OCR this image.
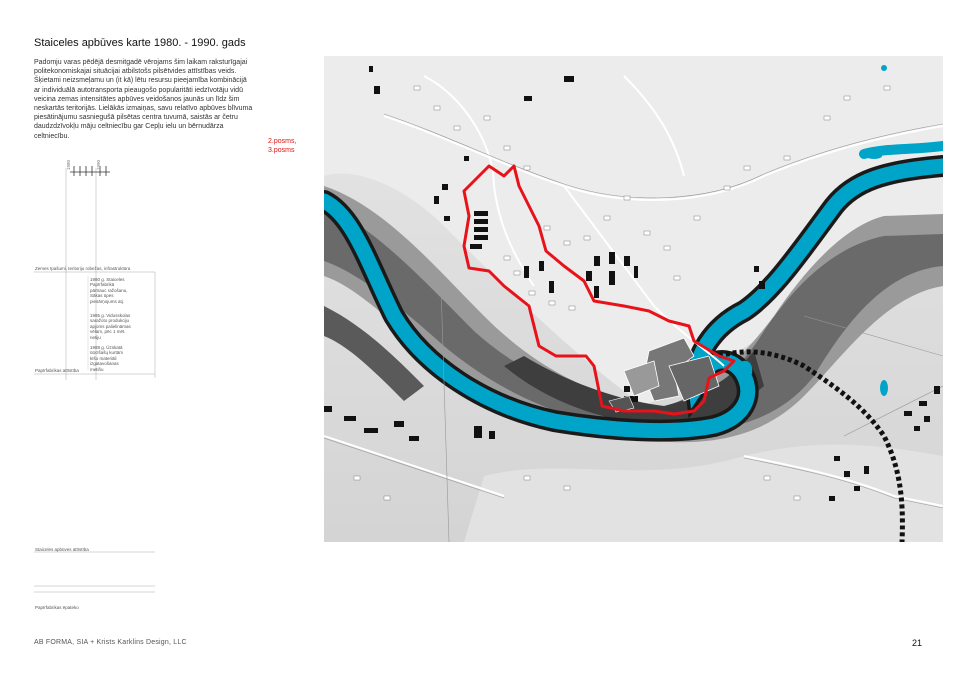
Staiceles apbūves karte 1980. - 1990. gads
Padomju varas pēdējā desmitgadē vērojams šim laikam raksturīgajai
politekonomiskajai situācijai atbilstošs pilsētvides attīstības veids.
Šķietami neizsmeļamu un (it kā) lētu resursu pieejamība kombinācijā
ar individuālā autotransporta pieaugošo popularitāti iedzīvotāju vidū
veicina zemas intensitātes apbūves veidošanos jaunās un līdz šim
neskartās teritorijās. Lielākās izmaiņas, savu relatīvo apbūves blīvuma
piesātinājumu sasniegušā pilsētas centra tuvumā, saistās ar četru
daudzdzīvokļu māju celtniecību gar Cepļu ielu un bērnudārza
celtniecību.
2.posms,
3.posms
1980	1990
Zemes īpašumi, teritoriju robežas, infrastruktūra
Papīrfabrikas attīstība
1980 g. Staiceles Papīrfabrikā pārtrauc ražošanu, Sākas ūpes piesārņojums atj.
1985 g. Vidusskolas saražoto produkciju apjoms palielināmas vēlam, pēc 1 mēt. netiju
1988 g. Ūzskatā ūūcīšašų kurtām kīšo materiāli izgatavošanas metiňu
Staiceles apbūves attīstība
Papīrfabrikas ēpateko
AB FORMA, SIA + Krists Karklins Design, LLC	21
